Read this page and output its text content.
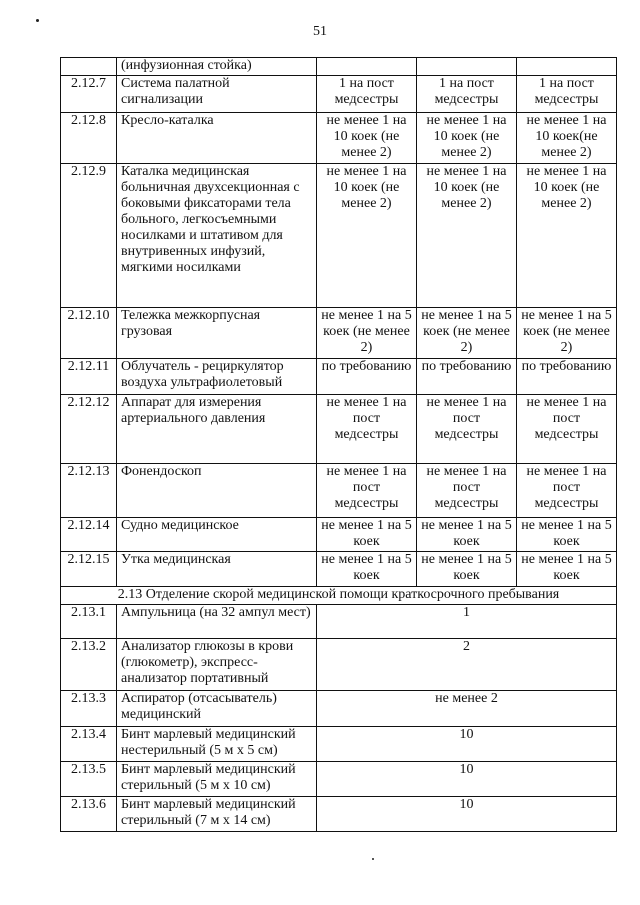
51
	(инфузионная стойка)			
2.12.7	Система палатной сигнализации	1 на пост медсестры	1 на пост медсестры	1 на пост медсестры
2.12.8	Кресло-каталка	не менее 1 на 10 коек (не менее 2)	не менее 1 на 10 коек (не менее 2)	не менее 1 на 10 коек(не менее 2)
2.12.9	Каталка медицинская больничная двухсекционная с боковыми фиксаторами тела больного, легкосъемными носилками и штативом для внутривенных инфузий, мягкими носилками	не менее 1 на 10 коек (не менее 2)	не менее 1 на 10 коек (не менее 2)	не менее 1 на 10 коек (не менее 2)
2.12.10	Тележка межкорпусная грузовая	не менее 1 на 5 коек (не менее 2)	не менее 1 на 5 коек (не менее 2)	не менее 1 на 5 коек (не менее 2)
2.12.11	Облучатель - рециркулятор воздуха ультрафиолетовый	по требованию	по требованию	по требованию
2.12.12	Аппарат для измерения артериального давления	не менее 1 на пост медсестры	не менее 1 на пост медсестры	не менее 1 на пост медсестры
2.12.13	Фонендоскоп	не менее 1 на пост медсестры	не менее 1 на пост медсестры	не менее 1 на пост медсестры
2.12.14	Судно медицинское	не менее 1 на 5 коек	не менее 1 на 5 коек	не менее 1 на 5 коек
2.12.15	Утка медицинская	не менее 1 на 5 коек	не менее 1 на 5 коек	не менее 1 на 5 коек
2.13 Отделение скорой медицинской помощи краткосрочного пребывания				
2.13.1	Ампульница (на 32 ампул мест)	1		
2.13.2	Анализатор глюкозы в крови (глюкометр), экспресс-анализатор портативный	2		
2.13.3	Аспиратор (отсасыватель) медицинский	не менее 2		
2.13.4	Бинт марлевый медицинский нестерильный (5 м х 5 см)	10		
2.13.5	Бинт марлевый медицинский стерильный (5 м х 10 см)	10		
2.13.6	Бинт марлевый медицинский стерильный (7 м х 14 см)	10		
